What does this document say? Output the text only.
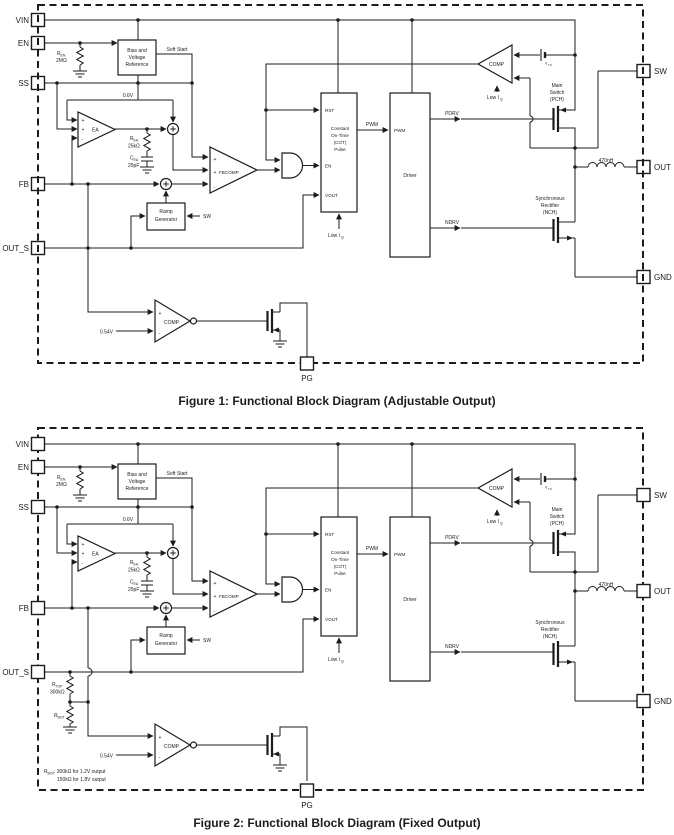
VIN
EN
SS
FB
OUT_S
SW
OUT
GND
R EN
2MΩ
Bias and
Voltage
Reference
Soft Start
0.6V
+
+
-
EA
R EA
25kΩ
C EA
25pF
+
+ FBCOMP
-
Ramp
Generator	SW
RST
Constant
On-Time
(COT)
Pulse
EN
VOUT
Low I Q
PWM
PWM
Driver
PDRV
NDRV
COMP
Low I Q
V TH
Main
Switch
(PCH)
Synchronous
Rectifier
(NCH)
470nH
+
COMP
-
0.54V
PG
Figure 1: Functional Block Diagram (Adjustable Output)
R TOP
300kΩ
R BOT
R BOT : 300kΩ for 1.2V output
150kΩ for 1.8V output
PG
Figure 2: Functional Block Diagram (Fixed Output)
